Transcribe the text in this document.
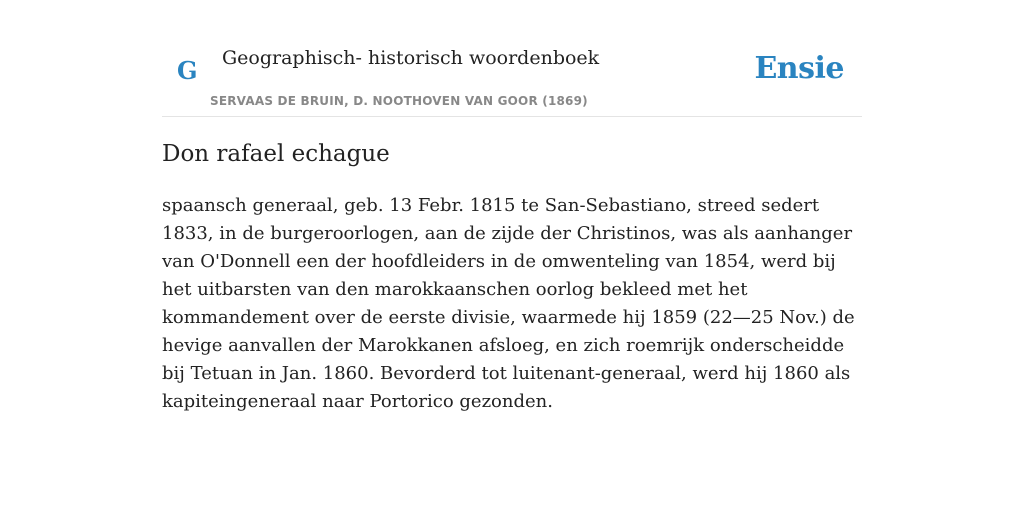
G Geographisch- historisch woordenboek
SERVAAS DE BRUIN, D. NOOTHOVEN VAN GOOR (1869)
Ensie
Don rafael echague

spaansch generaal, geb. 13 Febr. 1815 te San-Sebastiano, streed sedert 1833, in de burgeroorlogen, aan de zijde der Christinos, was als aanhanger van O'Donnell een der hoofdleiders in de omwenteling van 1854, werd bij het uitbarsten van den marokkaanschen oorlog bekleed met het kommandement over de eerste divisie, waarmede hij 1859 (22—25 Nov.) de hevige aanvallen der Marokkanen afsloeg, en zich roemrijk onderscheidde bij Tetuan in Jan. 1860. Bevorderd tot luitenant-generaal, werd hij 1860 als kapiteingeneraal naar Portorico gezonden.
